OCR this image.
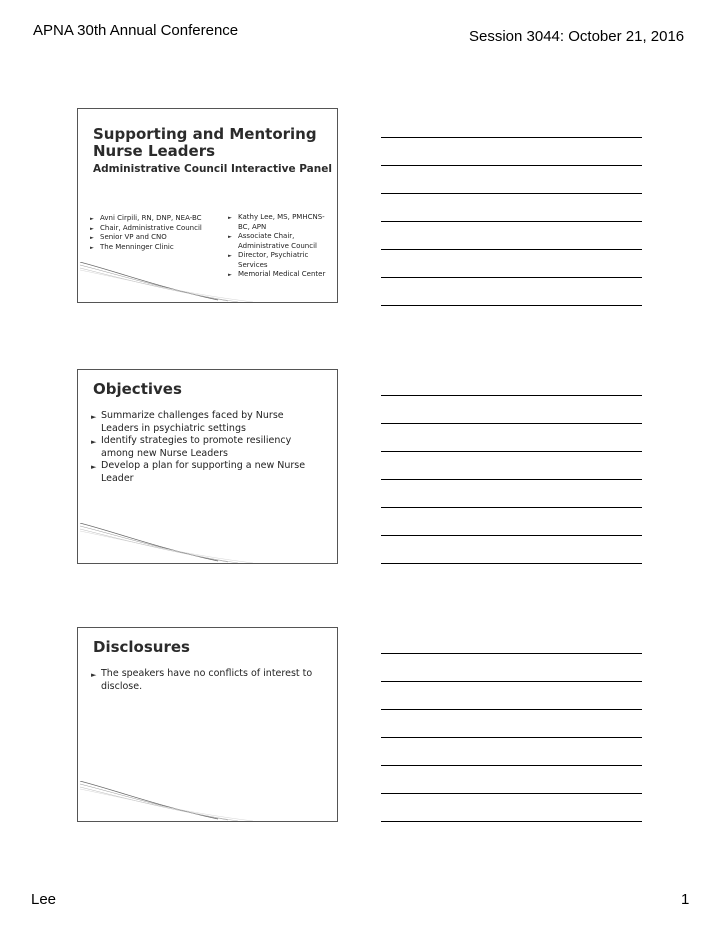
APNA 30th Annual Conference	Session 3044: October 21, 2016
Supporting and Mentoring
Nurse Leaders
Administrative Council Interactive Panel
► Avni Cirpili, RN, DNP, NEA-BC
► Chair, Administrative Council
► Senior VP and CNO
► The Menninger Clinic
► Kathy Lee, MS, PMHCNS-BC, APN
► Associate Chair, Administrative Council
► Director, Psychiatric Services
► Memorial Medical Center
Objectives
► Summarize challenges faced by Nurse Leaders in psychiatric settings
► Identify strategies to promote resiliency among new Nurse Leaders
► Develop a plan for supporting a new Nurse Leader
Disclosures
► The speakers have no conflicts of interest to disclose.
Lee	1
